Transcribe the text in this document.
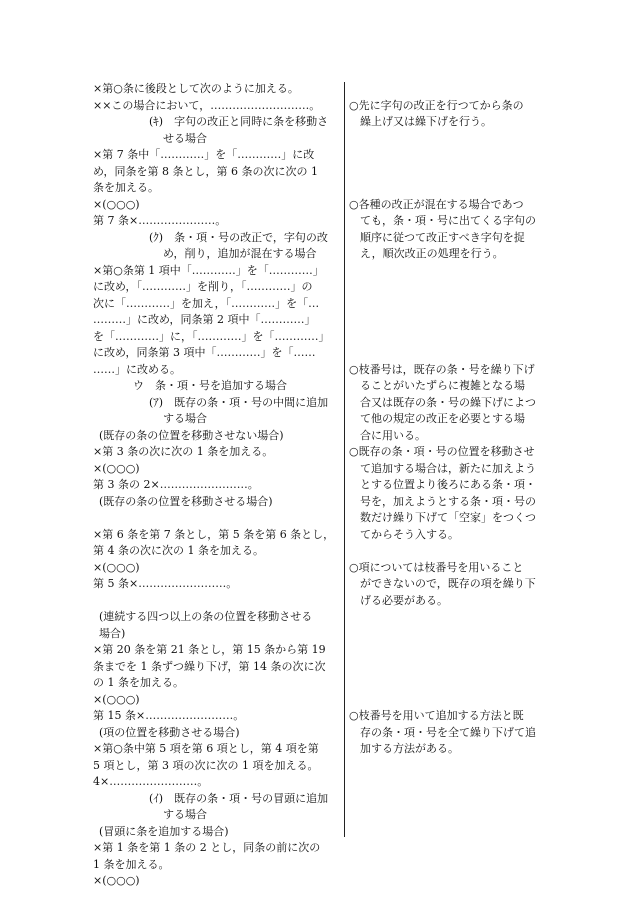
×第○条に後段として次のように加える。
××この場合において，………………………。
(ｷ)　字句の改正と同時に条を移動さ
せる場合
×第 7 条中「…………」を「…………」に改
め，同条を第 8 条とし，第 6 条の次に次の 1
条を加える。
×(○○○)
第 7 条×…………………。
(ｸ)　条・項・号の改正で，字句の改
め，削り，追加が混在する場合
×第○条第 1 項中「…………」を「…………」
に改め，「…………」を削り，「…………」の
次に「…………」を加え，「…………」を「…
………」に改め，同条第 2 項中「…………」
を「…………」に，「…………」を「…………」
に改め，同条第 3 項中「…………」を「……
……」に改める。
ウ　条・項・号を追加する場合
(ｱ)　既存の条・項・号の中間に追加
する場合
(既存の条の位置を移動させない場合)
×第 3 条の次に次の 1 条を加える。
×(○○○)
第 3 条の 2×……………………。
(既存の条の位置を移動させる場合)
×第 6 条を第 7 条とし，第 5 条を第 6 条とし，
第 4 条の次に次の 1 条を加える。
×(○○○)
第 5 条×……………………。
(連続する四つ以上の条の位置を移動させる
場合)
×第 20 条を第 21 条とし，第 15 条から第 19
条までを 1 条ずつ繰り下げ，第 14 条の次に次
の 1 条を加える。
×(○○○)
第 15 条×……………………。
(項の位置を移動させる場合)
×第○条中第 5 項を第 6 項とし，第 4 項を第
5 項とし，第 3 項の次に次の 1 項を加える。
4×……………………。
(ｲ)　既存の条・項・号の冒頭に追加
する場合
(冒頭に条を追加する場合)
×第 1 条を第 1 条の 2 とし，同条の前に次の
1 条を加える。
×(○○○)
○先に字句の改正を行つてから条の
繰上げ又は繰下げを行う。
○各種の改正が混在する場合であつ
ても，条・項・号に出てくる字句の
順序に従つて改正すべき字句を捉
え，順次改正の処理を行う。
○枝番号は，既存の条・号を繰り下げ
ることがいたずらに複雑となる場
合又は既存の条・号の繰下げによつ
て他の規定の改正を必要とする場
合に用いる。
○既存の条・項・号の位置を移動させ
て追加する場合は，新たに加えよう
とする位置より後ろにある条・項・
号を，加えようとする条・項・号の
数だけ繰り下げて「
空家」をつくつ
てからそう入する。
○項については枝番号を用いること
ができないので，既存の項を繰り下
げる必要がある。
○枝番号を用いて追加する方法と既
存の条・項・号を全て繰り下げて追
加する方法がある。
